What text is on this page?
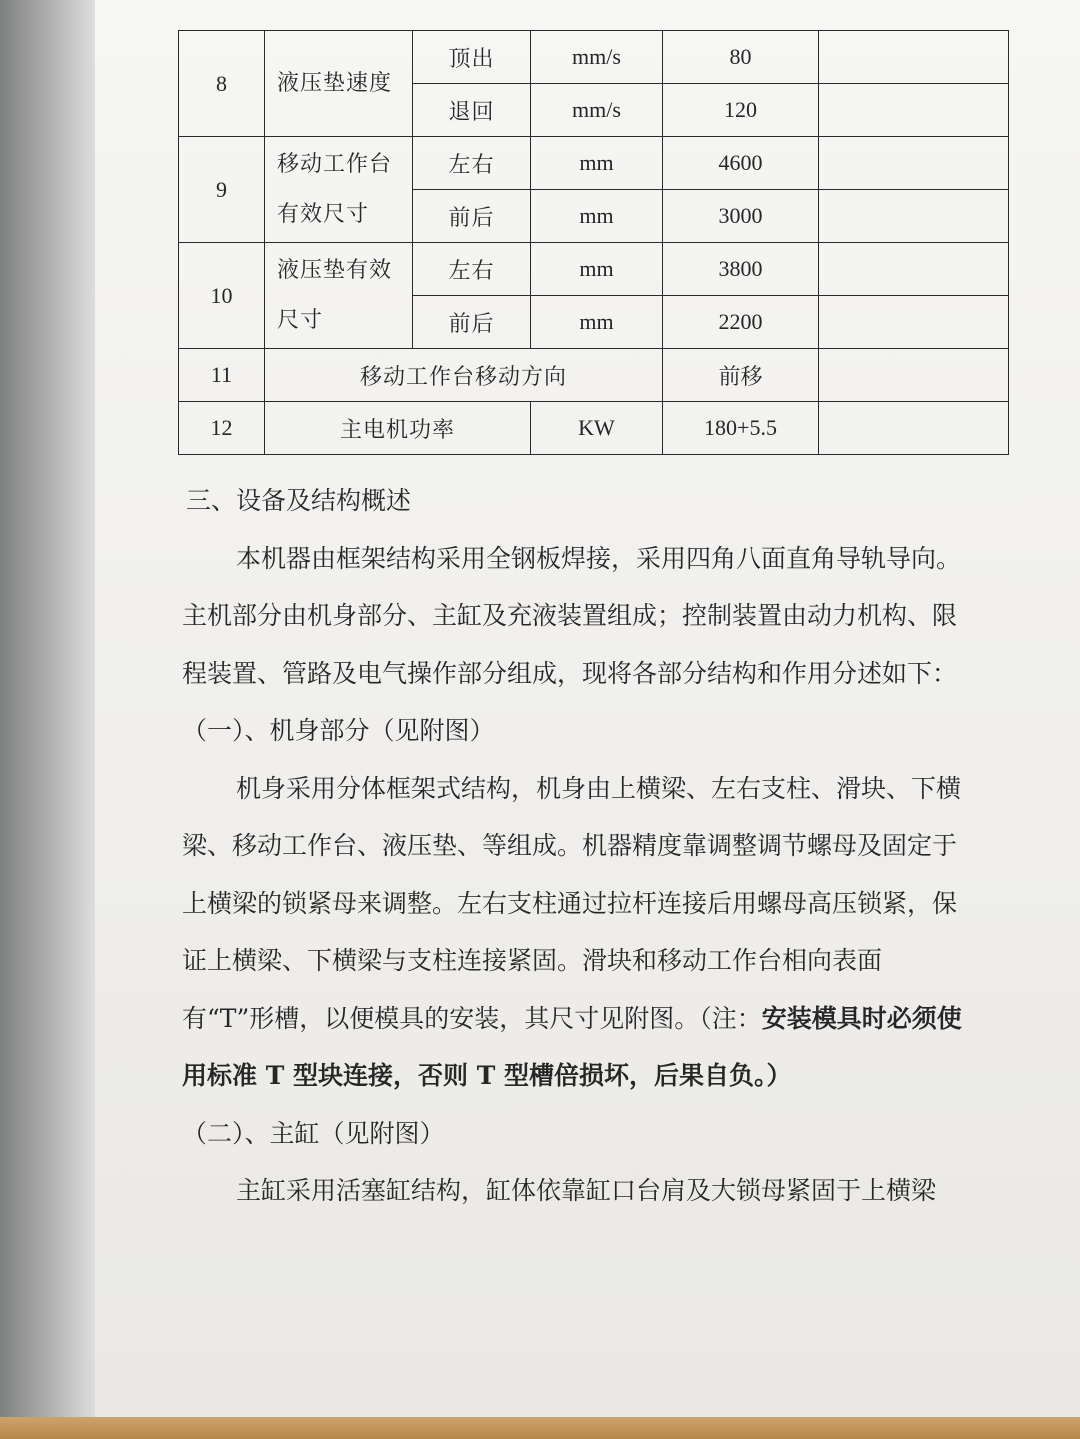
8	液压垫速度	顶出	mm/s	80	
		退回	mm/s	120	
9	移动工作台有效尺寸	左右	mm	4600	
		前后	mm	3000	
10	液压垫有效尺寸	左右	mm	3800	
		前后	mm	2200	
11	移动工作台移动方向			前移	
12	主电机功率		KW	180+5.5	

三、设备及结构概述

本机器由框架结构采用全钢板焊接，采用四角八面直角导轨导向。主机部分由机身部分、主缸及充液装置组成；控制装置由动力机构、限程装置、管路及电气操作部分组成，现将各部分结构和作用分述如下：

（一）、机身部分（见附图）

机身采用分体框架式结构，机身由上横梁、左右支柱、滑块、下横梁、移动工作台、液压垫、等组成。机器精度靠调整调节螺母及固定于上横梁的锁紧母来调整。左右支柱通过拉杆连接后用螺母高压锁紧，保证上横梁、下横梁与支柱连接紧固。滑块和移动工作台相向表面有“T”形槽，以便模具的安装，其尺寸见附图。（注：安装模具时必须使用标准 T 型块连接，否则 T 型槽倍损坏，后果自负。）

（二）、主缸（见附图）

主缸采用活塞缸结构，缸体依靠缸口台肩及大锁母紧固于上横梁
